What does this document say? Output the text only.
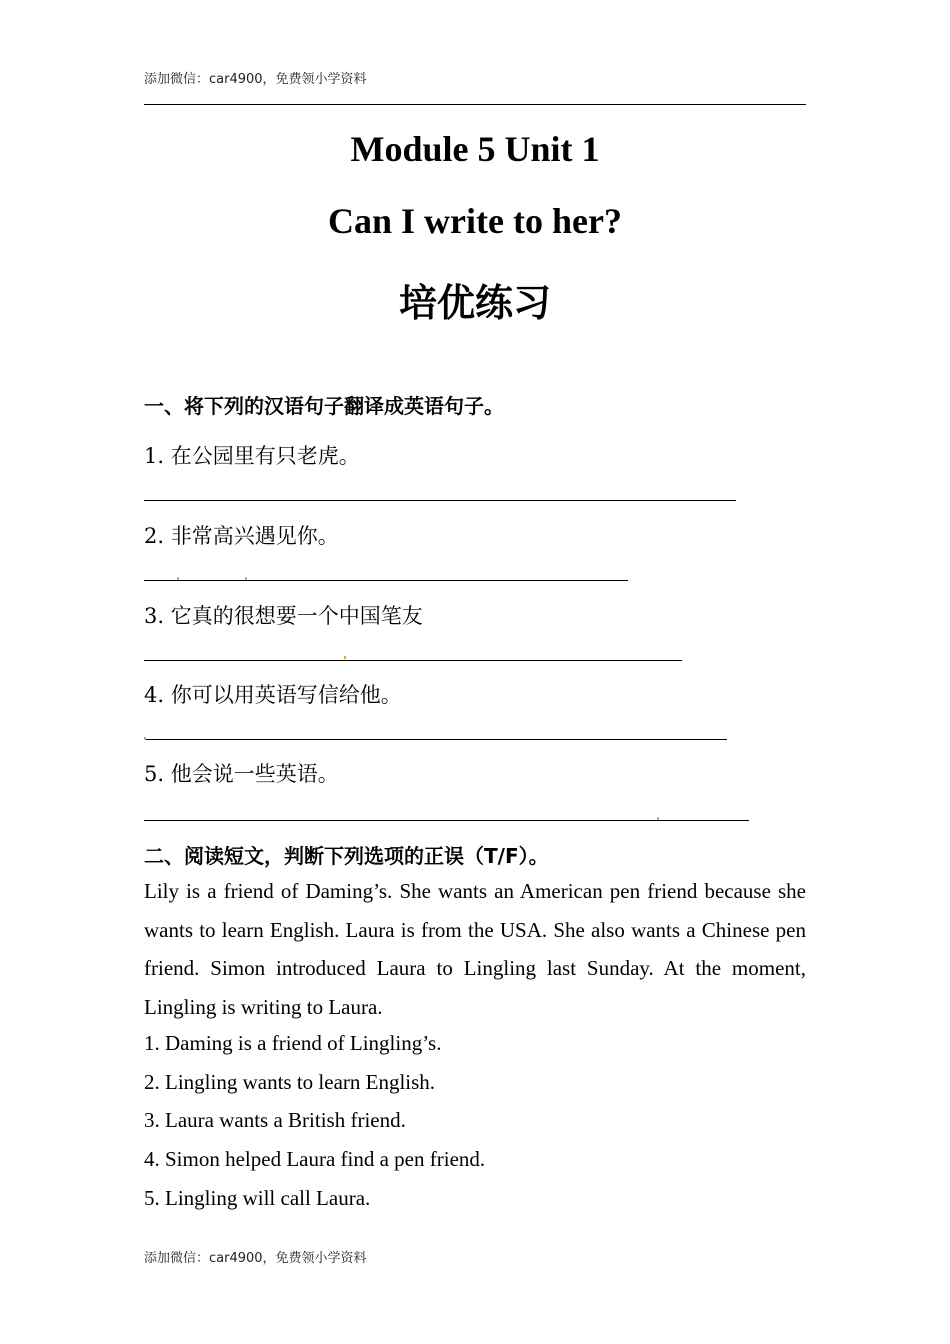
添加微信：car4900，免费领小学资料
Module 5 Unit 1
Can I write to her?
培优练习
一、将下列的汉语句子翻译成英语句子。
1. 在公园里有只老虎。
2. 非常高兴遇见你。
3. 它真的很想要一个中国笔友
4. 你可以用英语写信给他。
5. 他会说一些英语。
二、阅读短文，判断下列选项的正误（T/F）。
Lily is a friend of Daming’s. She wants an American pen friend because she wants to learn English. Laura is from the USA. She also wants a Chinese pen friend. Simon introduced Laura to Lingling last Sunday. At the moment, Lingling is writing to Laura.
1. Daming is a friend of Lingling’s.
2. Lingling wants to learn English.
3. Laura wants a British friend.
4. Simon helped Laura find a pen friend.
5. Lingling will call Laura.
添加微信：car4900，免费领小学资料
